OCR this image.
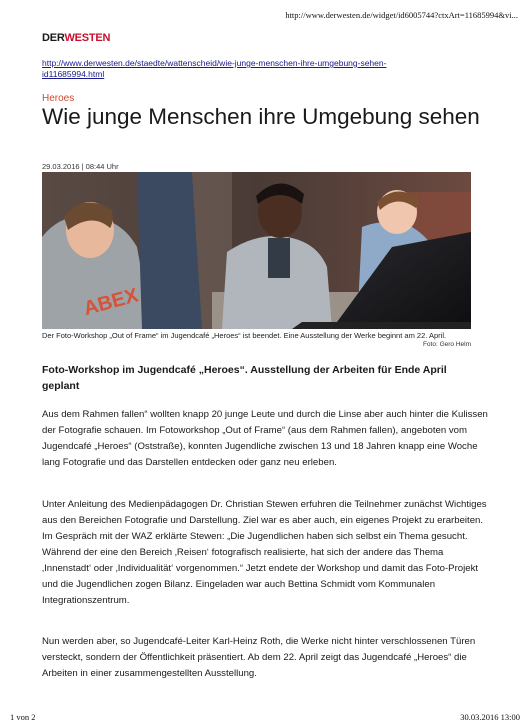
http://www.derwesten.de/widget/id6005744?ctxArt=11685994&vi...
DERWESTEN

http://www.derwesten.de/staedte/wattenscheid/wie-junge-menschen-ihre-umgebung-sehen-id11685994.html
Heroes
Wie junge Menschen ihre Umgebung sehen
29.03.2016 | 08:44 Uhr
ABEX
Der Foto-Workshop „Out of Frame“ im Jugendcafé „Heroes“ ist beendet. Eine Ausstellung der Werke beginnt am 22. April.
Foto: Gero Helm
Foto-Workshop im Jugendcafé „Heroes“. Ausstellung der Arbeiten für Ende April geplant

Aus dem Rahmen fallen“ wollten knapp 20 junge Leute und durch die Linse aber auch hinter die Kulissen der Fotografie schauen. Im Fotoworkshop „Out of Frame“ (aus dem Rahmen fallen), angeboten vom Jugendcafé „Heroes“ (Oststraße), konnten Jugendliche zwischen 13 und 18 Jahren knapp eine Woche lang Fotografie und das Darstellen entdecken oder ganz neu erleben.

Unter Anleitung des Medienpädagogen Dr. Christian Stewen erfuhren die Teilnehmer zunächst Wichtiges aus den Bereichen Fotografie und Darstellung. Ziel war es aber auch, ein eigenes Projekt zu erarbeiten. Im Gespräch mit der WAZ erklärte Stewen: „Die Jugendlichen haben sich selbst ein Thema gesucht. Während der eine den Bereich ‚Reisen‘ fotografisch realisierte, hat sich der andere das Thema ‚Innenstadt‘ oder ‚Individualität‘ vorgenommen.“ Jetzt endete der Workshop und damit das Foto-Projekt und die Jugendlichen zogen Bilanz. Eingeladen war auch Bettina Schmidt vom Kommunalen Integrationszentrum.

Nun werden aber, so Jugendcafé-Leiter Karl-Heinz Roth, die Werke nicht hinter verschlossenen Türen versteckt, sondern der Öffentlichkeit präsentiert. Ab dem 22. April zeigt das Jugendcafé „Heroes“ die Arbeiten in einer zusammengestellten Ausstellung.

1 von 2	30.03.2016 13:00
